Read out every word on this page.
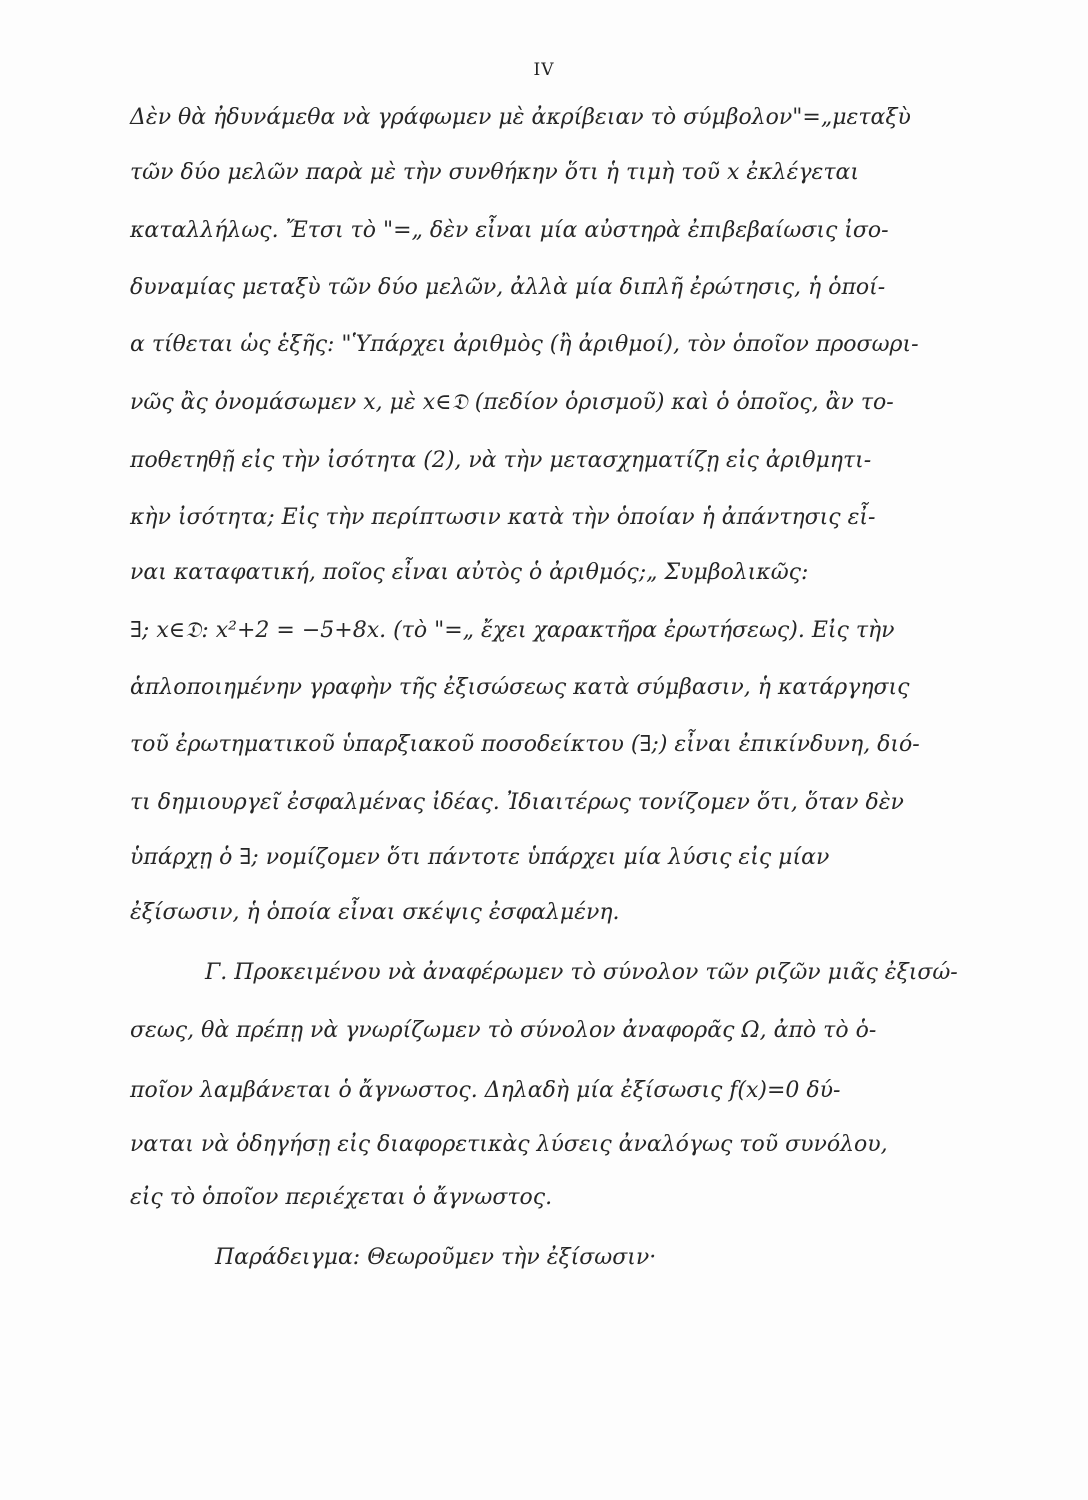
IV
Δὲν θὰ ἠδυνάμεθα νὰ γράφωμεν μὲ ἀκρίβειαν τὸ σύμβολον"=„μεταξὺ
τῶν δύο μελῶν παρὰ μὲ τὴν συνθήκην ὅτι ἡ τιμὴ τοῦ x ἐκλέγεται
καταλλήλως. Ἔτσι τὸ "=„ δὲν εἶναι μία αὐστηρὰ ἐπιβεβαίωσις ἰσο-
δυναμίας μεταξὺ τῶν δύο μελῶν, ἀλλὰ μία διπλῆ ἐρώτησις, ἡ ὁποί-
α τίθεται ὡς ἑξῆς: "Ὑπάρχει ἀριθμὸς (ἢ ἀριθμοί), τὸν ὁποῖον προσωρι-
νῶς ἂς ὀνομάσωμεν x, μὲ x∈𝔇 (πεδίον ὁρισμοῦ) καὶ ὁ ὁποῖος, ἂν το-
ποθετηθῇ εἰς τὴν ἰσότητα (2), νὰ τὴν μετασχηματίζῃ εἰς ἀριθμητι-
κὴν ἰσότητα; Εἰς τὴν περίπτωσιν κατὰ τὴν ὁποίαν ἡ ἀπάντησις εἶ-
ναι καταφατική, ποῖος εἶναι αὐτὸς ὁ ἀριθμός;„ Συμβολικῶς:
∃; x∈𝔇: x²+2 = −5+8x. (τὸ "=„ ἔχει χαρακτῆρα ἐρωτήσεως). Εἰς τὴν
ἁπλοποιημένην γραφὴν τῆς ἐξισώσεως κατὰ σύμβασιν, ἡ κατάργησις
τοῦ ἐρωτηματικοῦ ὑπαρξιακοῦ ποσοδείκτου (∃;) εἶναι ἐπικίνδυνη, διό-
τι δημιουργεῖ ἐσφαλμένας ἰδέας. Ἰδιαιτέρως τονίζομεν ὅτι, ὅταν δὲν
ὑπάρχῃ ὁ ∃; νομίζομεν ὅτι πάντοτε ὑπάρχει μία λύσις εἰς μίαν
ἐξίσωσιν, ἡ ὁποία εἶναι σκέψις ἐσφαλμένη.
Γ. Προκειμένου νὰ ἀναφέρωμεν τὸ σύνολον τῶν ριζῶν μιᾶς ἐξισώ-
σεως, θὰ πρέπῃ νὰ γνωρίζωμεν τὸ σύνολον ἀναφορᾶς Ω, ἀπὸ τὸ ὁ-
ποῖον λαμβάνεται ὁ ἄγνωστος. Δηλαδὴ μία ἐξίσωσις f(x)=0 δύ-
ναται νὰ ὁδηγήσῃ εἰς διαφορετικὰς λύσεις ἀναλόγως τοῦ συνόλου,
εἰς τὸ ὁποῖον περιέχεται ὁ ἄγνωστος.
Παράδειγμα: Θεωροῦμεν τὴν ἐξίσωσιν·
